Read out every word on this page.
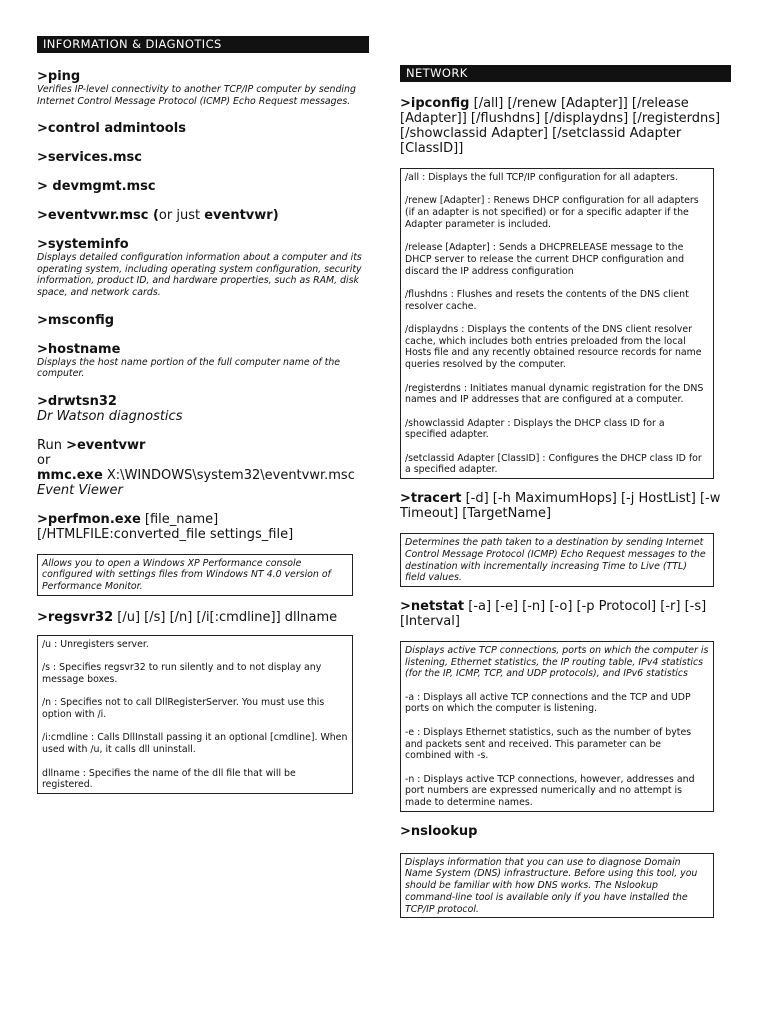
INFORMATION & DIAGNOTICS

>ping

Verifies IP-level connectivity to another TCP/IP computer by sending Internet Control Message Protocol (ICMP) Echo Request messages.

>control admintools

>services.msc

> devmgmt.msc

>eventvwr.msc (or just eventvwr)

>systeminfo

Displays detailed configuration information about a computer and its operating system, including operating system configuration, security information, product ID, and hardware properties, such as RAM, disk space, and network cards.

>msconfig

>hostname

Displays the host name portion of the full computer name of the computer.

>drwtsn32

Dr Watson diagnostics

Run >eventvwr

or

mmc.exe X:\WINDOWS\system32\eventvwr.msc

Event Viewer

>perfmon.exe [file_name] [/HTMLFILE:converted_file settings_file]

Allows you to open a Windows XP Performance console configured with settings files from Windows NT 4.0 version of Performance Monitor.

>regsvr32 [/u] [/s] [/n] [/i[:cmdline]] dllname

/u : Unregisters server.

/s : Specifies regsvr32 to run silently and to not display any message boxes.

/n : Specifies not to call DllRegisterServer. You must use this option with /i.

/i:cmdline : Calls DllInstall passing it an optional [cmdline]. When used with /u, it calls dll uninstall.

dllname : Specifies the name of the dll file that will be registered.

NETWORK

>ipconfig [/all] [/renew [Adapter]] [/release [Adapter]] [/flushdns] [/displaydns] [/registerdns] [/showclassid Adapter] [/setclassid Adapter [ClassID]]

/all : Displays the full TCP/IP configuration for all adapters.

/renew [Adapter] : Renews DHCP configuration for all adapters (if an adapter is not specified) or for a specific adapter if the Adapter parameter is included.

/release [Adapter] : Sends a DHCPRELEASE message to the DHCP server to release the current DHCP configuration and discard the IP address configuration

/flushdns : Flushes and resets the contents of the DNS client resolver cache.

/displaydns : Displays the contents of the DNS client resolver cache, which includes both entries preloaded from the local Hosts file and any recently obtained resource records for name queries resolved by the computer.

/registerdns : Initiates manual dynamic registration for the DNS names and IP addresses that are configured at a computer.

/showclassid Adapter : Displays the DHCP class ID for a specified adapter.

/setclassid Adapter [ClassID] : Configures the DHCP class ID for a specified adapter.

>tracert [-d] [-h MaximumHops] [-j HostList] [-w Timeout] [TargetName]

Determines the path taken to a destination by sending Internet Control Message Protocol (ICMP) Echo Request messages to the destination with incrementally increasing Time to Live (TTL) field values.

>netstat [-a] [-e] [-n] [-o] [-p Protocol] [-r] [-s] [Interval]

Displays active TCP connections, ports on which the computer is listening, Ethernet statistics, the IP routing table, IPv4 statistics (for the IP, ICMP, TCP, and UDP protocols), and IPv6 statistics

-a : Displays all active TCP connections and the TCP and UDP ports on which the computer is listening.

-e : Displays Ethernet statistics, such as the number of bytes and packets sent and received. This parameter can be combined with -s.

-n : Displays active TCP connections, however, addresses and port numbers are expressed numerically and no attempt is made to determine names.

>nslookup

Displays information that you can use to diagnose Domain Name System (DNS) infrastructure. Before using this tool, you should be familiar with how DNS works. The Nslookup command-line tool is available only if you have installed the TCP/IP protocol.
